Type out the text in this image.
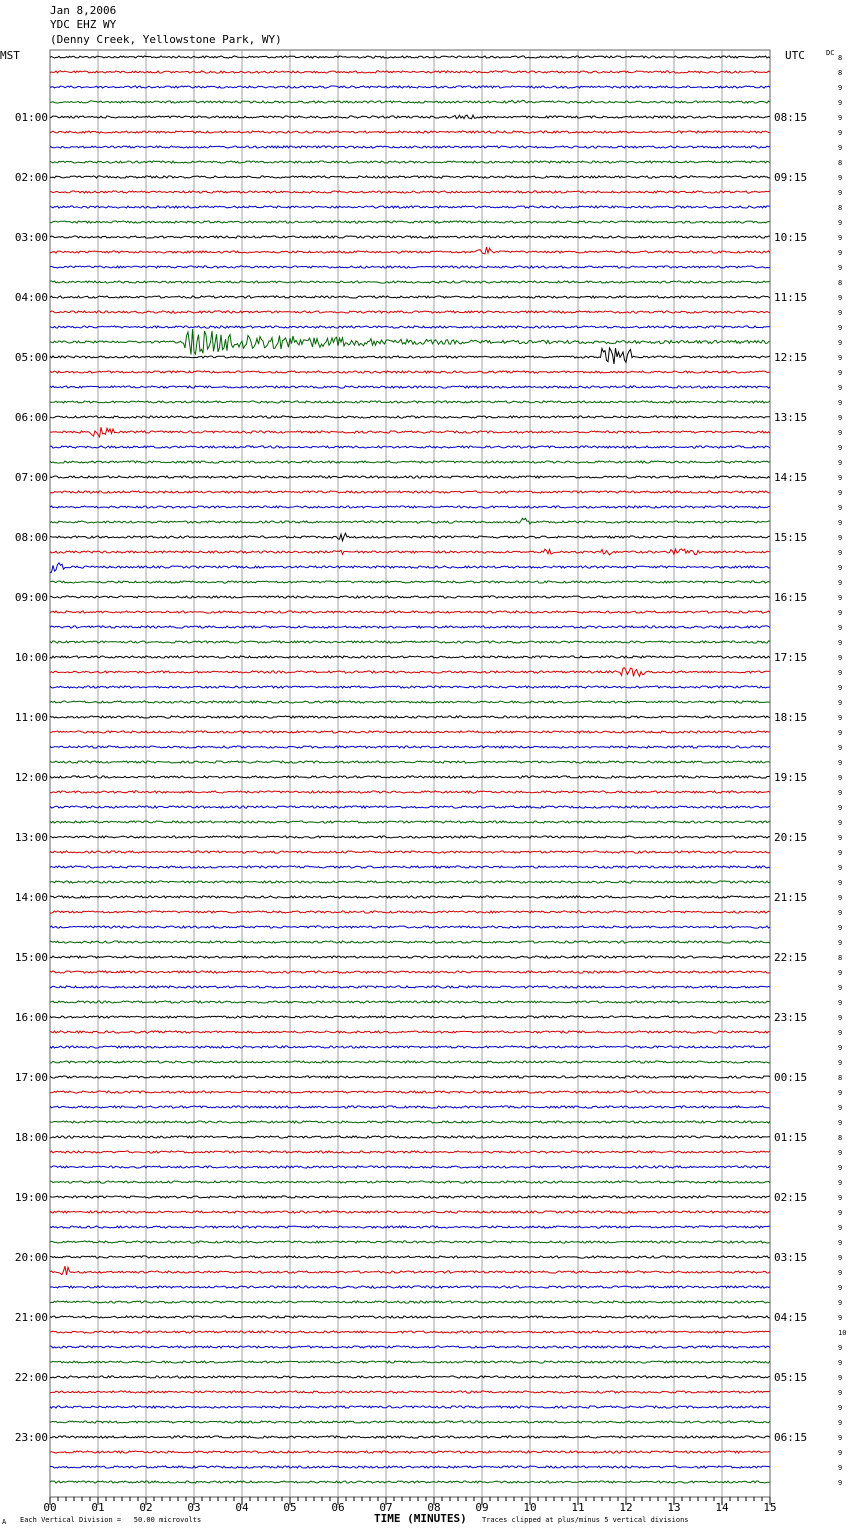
Jan 8,2006
YDC EHZ WY
(Denny Creek, Yellowstone Park, WY)
MST	UTC	DC
8
8
9
9
9
9
9
8
9
9
8
9
9
9
9
8
9
9
9
9
9
9
9
9
9
9
9
9
9
9
9
9
9
9
9
9
9
9
9
9
9
9
9
9
9
9
9
9
9
9
9
9
9
9
9
9
9
9
9
9
8
9
9
9
9
9
9
9
8
9
9
9
8
9
9
9
9
9
9
9
9
9
9
9
9
10
9
9
9
9
9
9
9
9
9
9
01:00	08:15
02:00	09:15
03:00	10:15
04:00	11:15
05:00	12:15
06:00	13:15
07:00	14:15
08:00	15:15
09:00	16:15
10:00	17:15
11:00	18:15
12:00	19:15
13:00	20:15
14:00	21:15
15:00	22:15
16:00	23:15
17:00	00:15
18:00	01:15
19:00	02:15
20:00	03:15
21:00	04:15
22:00	05:15
23:00	06:15
00	01	02	03	04	05	06	07	08	09	10	11	12	13	14	15
TIME (MINUTES)
Each Vertical Division =   50.00 microvolts	Traces clipped at plus/minus 5 vertical divisions
A
